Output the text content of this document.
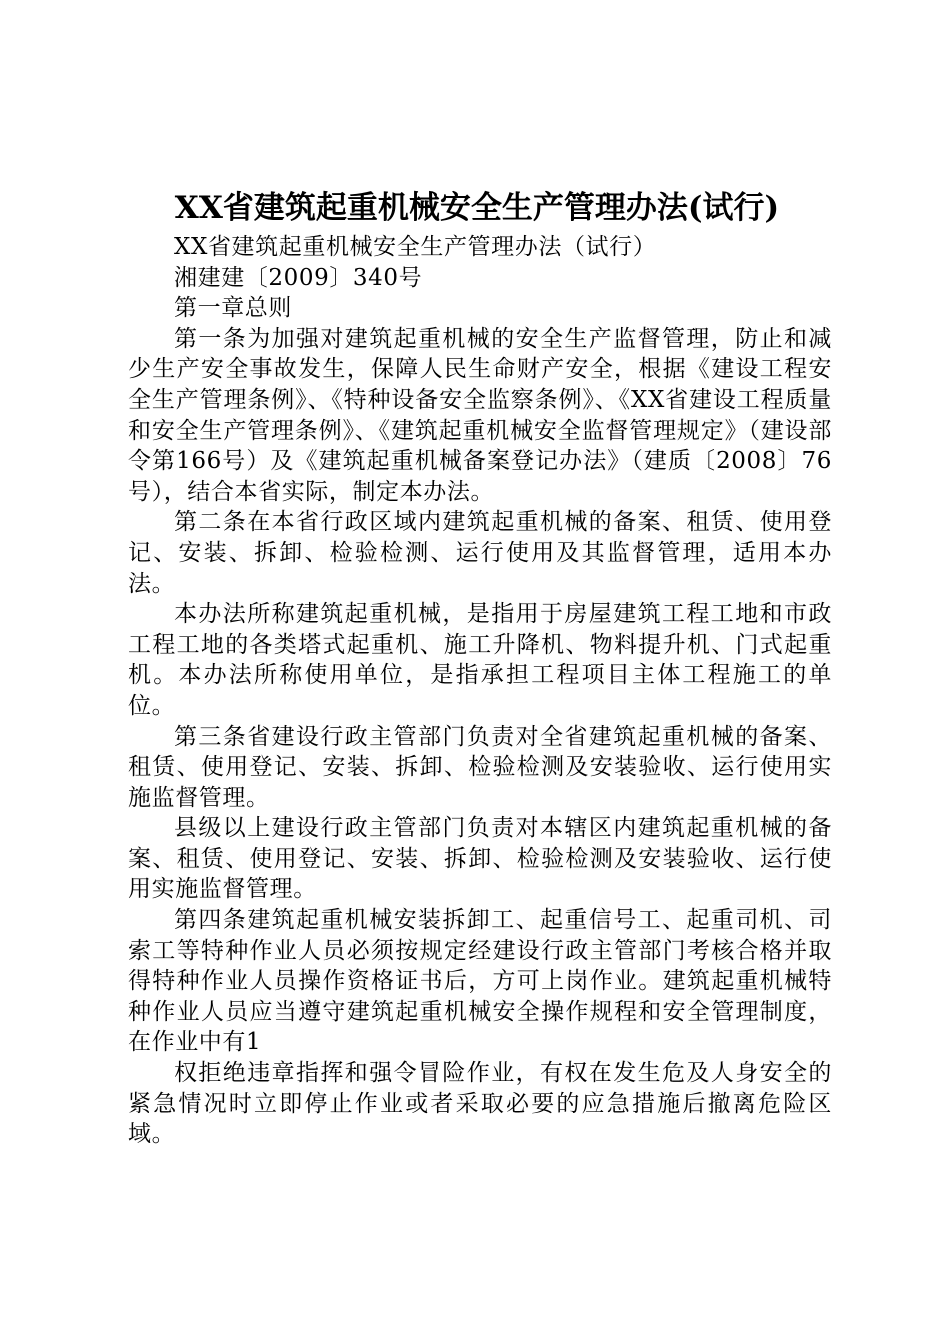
XX省建筑起重机械安全生产管理办法(试行)

XX省建筑起重机械安全生产管理办法（试行）

湘建建〔2009〕340号

第一章总则

第一条为加强对建筑起重机械的安全生产监督管理，防止和减少生产安全事故发生，保障人民生命财产安全，根据《建设工程安全生产管理条例》、《特种设备安全监察条例》、《XX省建设工程质量和安全生产管理条例》、《建筑起重机械安全监督管理规定》（建设部令第166号）及《建筑起重机械备案登记办法》（建质〔2008〕76号），结合本省实际，制定本办法。

第二条在本省行政区域内建筑起重机械的备案、租赁、使用登记、安装、拆卸、检验检测、运行使用及其监督管理，适用本办法。

本办法所称建筑起重机械，是指用于房屋建筑工程工地和市政工程工地的各类塔式起重机、施工升降机、物料提升机、门式起重机。本办法所称使用单位，是指承担工程项目主体工程施工的单位。

第三条省建设行政主管部门负责对全省建筑起重机械的备案、租赁、使用登记、安装、拆卸、检验检测及安装验收、运行使用实施监督管理。

县级以上建设行政主管部门负责对本辖区内建筑起重机械的备案、租赁、使用登记、安装、拆卸、检验检测及安装验收、运行使用实施监督管理。

第四条建筑起重机械安装拆卸工、起重信号工、起重司机、司索工等特种作业人员必须按规定经建设行政主管部门考核合格并取得特种作业人员操作资格证书后，方可上岗作业。建筑起重机械特种作业人员应当遵守建筑起重机械安全操作规程和安全管理制度，在作业中有1

权拒绝违章指挥和强令冒险作业，有权在发生危及人身安全的紧急情况时立即停止作业或者采取必要的应急措施后撤离危险区域。
